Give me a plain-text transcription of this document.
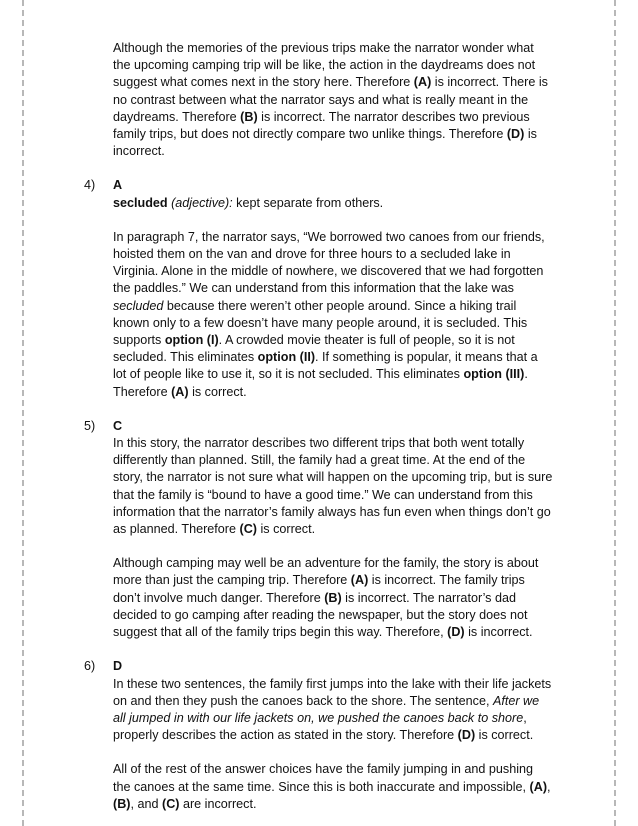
Although the memories of the previous trips make the narrator wonder what the upcoming camping trip will be like, the action in the daydreams does not suggest what comes next in the story here. Therefore (A) is incorrect. There is no contrast between what the narrator says and what is really meant in the daydreams. Therefore (B) is incorrect. The narrator describes two previous family trips, but does not directly compare two unlike things. Therefore (D) is incorrect.

4) A

secluded (adjective): kept separate from others.

In paragraph 7, the narrator says, “We borrowed two canoes from our friends, hoisted them on the van and drove for three hours to a secluded lake in Virginia. Alone in the middle of nowhere, we discovered that we had forgotten the paddles.” We can understand from this information that the lake was secluded because there weren’t other people around. Since a hiking trail known only to a few doesn’t have many people around, it is secluded. This supports option (I). A crowded movie theater is full of people, so it is not secluded. This eliminates option (II). If something is popular, it means that a lot of people like to use it, so it is not secluded. This eliminates option (III). Therefore (A) is correct.

5) C

In this story, the narrator describes two different trips that both went totally differently than planned. Still, the family had a great time. At the end of the story, the narrator is not sure what will happen on the upcoming trip, but is sure that the family is “bound to have a good time.” We can understand from this information that the narrator’s family always has fun even when things don’t go as planned. Therefore (C) is correct.

Although camping may well be an adventure for the family, the story is about more than just the camping trip. Therefore (A) is incorrect. The family trips don’t involve much danger. Therefore (B) is incorrect. The narrator’s dad decided to go camping after reading the newspaper, but the story does not suggest that all of the family trips begin this way. Therefore, (D) is incorrect.

6) D

In these two sentences, the family first jumps into the lake with their life jackets on and then they push the canoes back to the shore. The sentence, After we all jumped in with our life jackets on, we pushed the canoes back to shore, properly describes the action as stated in the story. Therefore (D) is correct.

All of the rest of the answer choices have the family jumping in and pushing the canoes at the same time. Since this is both inaccurate and impossible, (A), (B), and (C) are incorrect.
